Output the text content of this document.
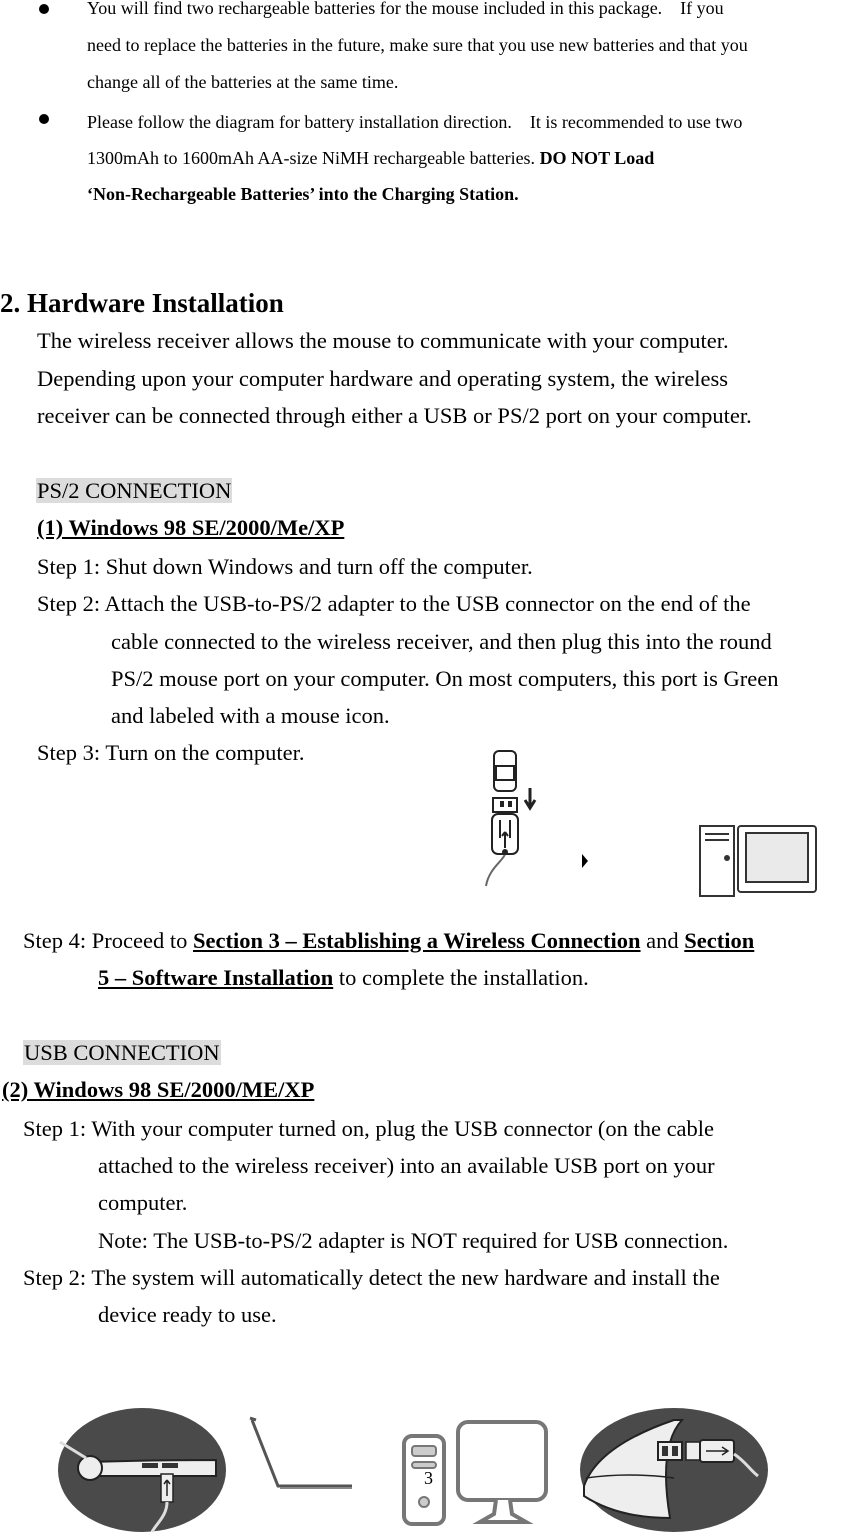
You will find two rechargeable batteries for the mouse included in this package.    If you
need to replace the batteries in the future, make sure that you use new batteries and that you
change all of the batteries at the same time.
Please follow the diagram for battery installation direction.    It is recommended to use two
1300mAh to 1600mAh AA-size NiMH rechargeable batteries. DO NOT Load
‘Non-Rechargeable Batteries’ into the Charging Station.
2. Hardware Installation
The wireless receiver allows the mouse to communicate with your computer.
Depending upon your computer hardware and operating system, the wireless
receiver can be connected through either a USB or PS/2 port on your computer.
PS/2 CONNECTION
(1) Windows 98 SE/2000/Me/XP
Step 1: Shut down Windows and turn off the computer.
Step 2: Attach the USB-to-PS/2 adapter to the USB connector on the end of the
cable connected to the wireless receiver, and then plug this into the round
PS/2 mouse port on your computer. On most computers, this port is Green
and labeled with a mouse icon.
Step 3: Turn on the computer.
Step 4: Proceed to Section 3 – Establishing a Wireless Connection and Section
5 – Software Installation to complete the installation.
USB CONNECTION
(2) Windows 98 SE/2000/ME/XP
Step 1: With your computer turned on, plug the USB connector (on the cable
attached to the wireless receiver) into an available USB port on your
computer.
Note: The USB-to-PS/2 adapter is NOT required for USB connection.
Step 2: The system will automatically detect the new hardware and install the
device ready to use.
3
